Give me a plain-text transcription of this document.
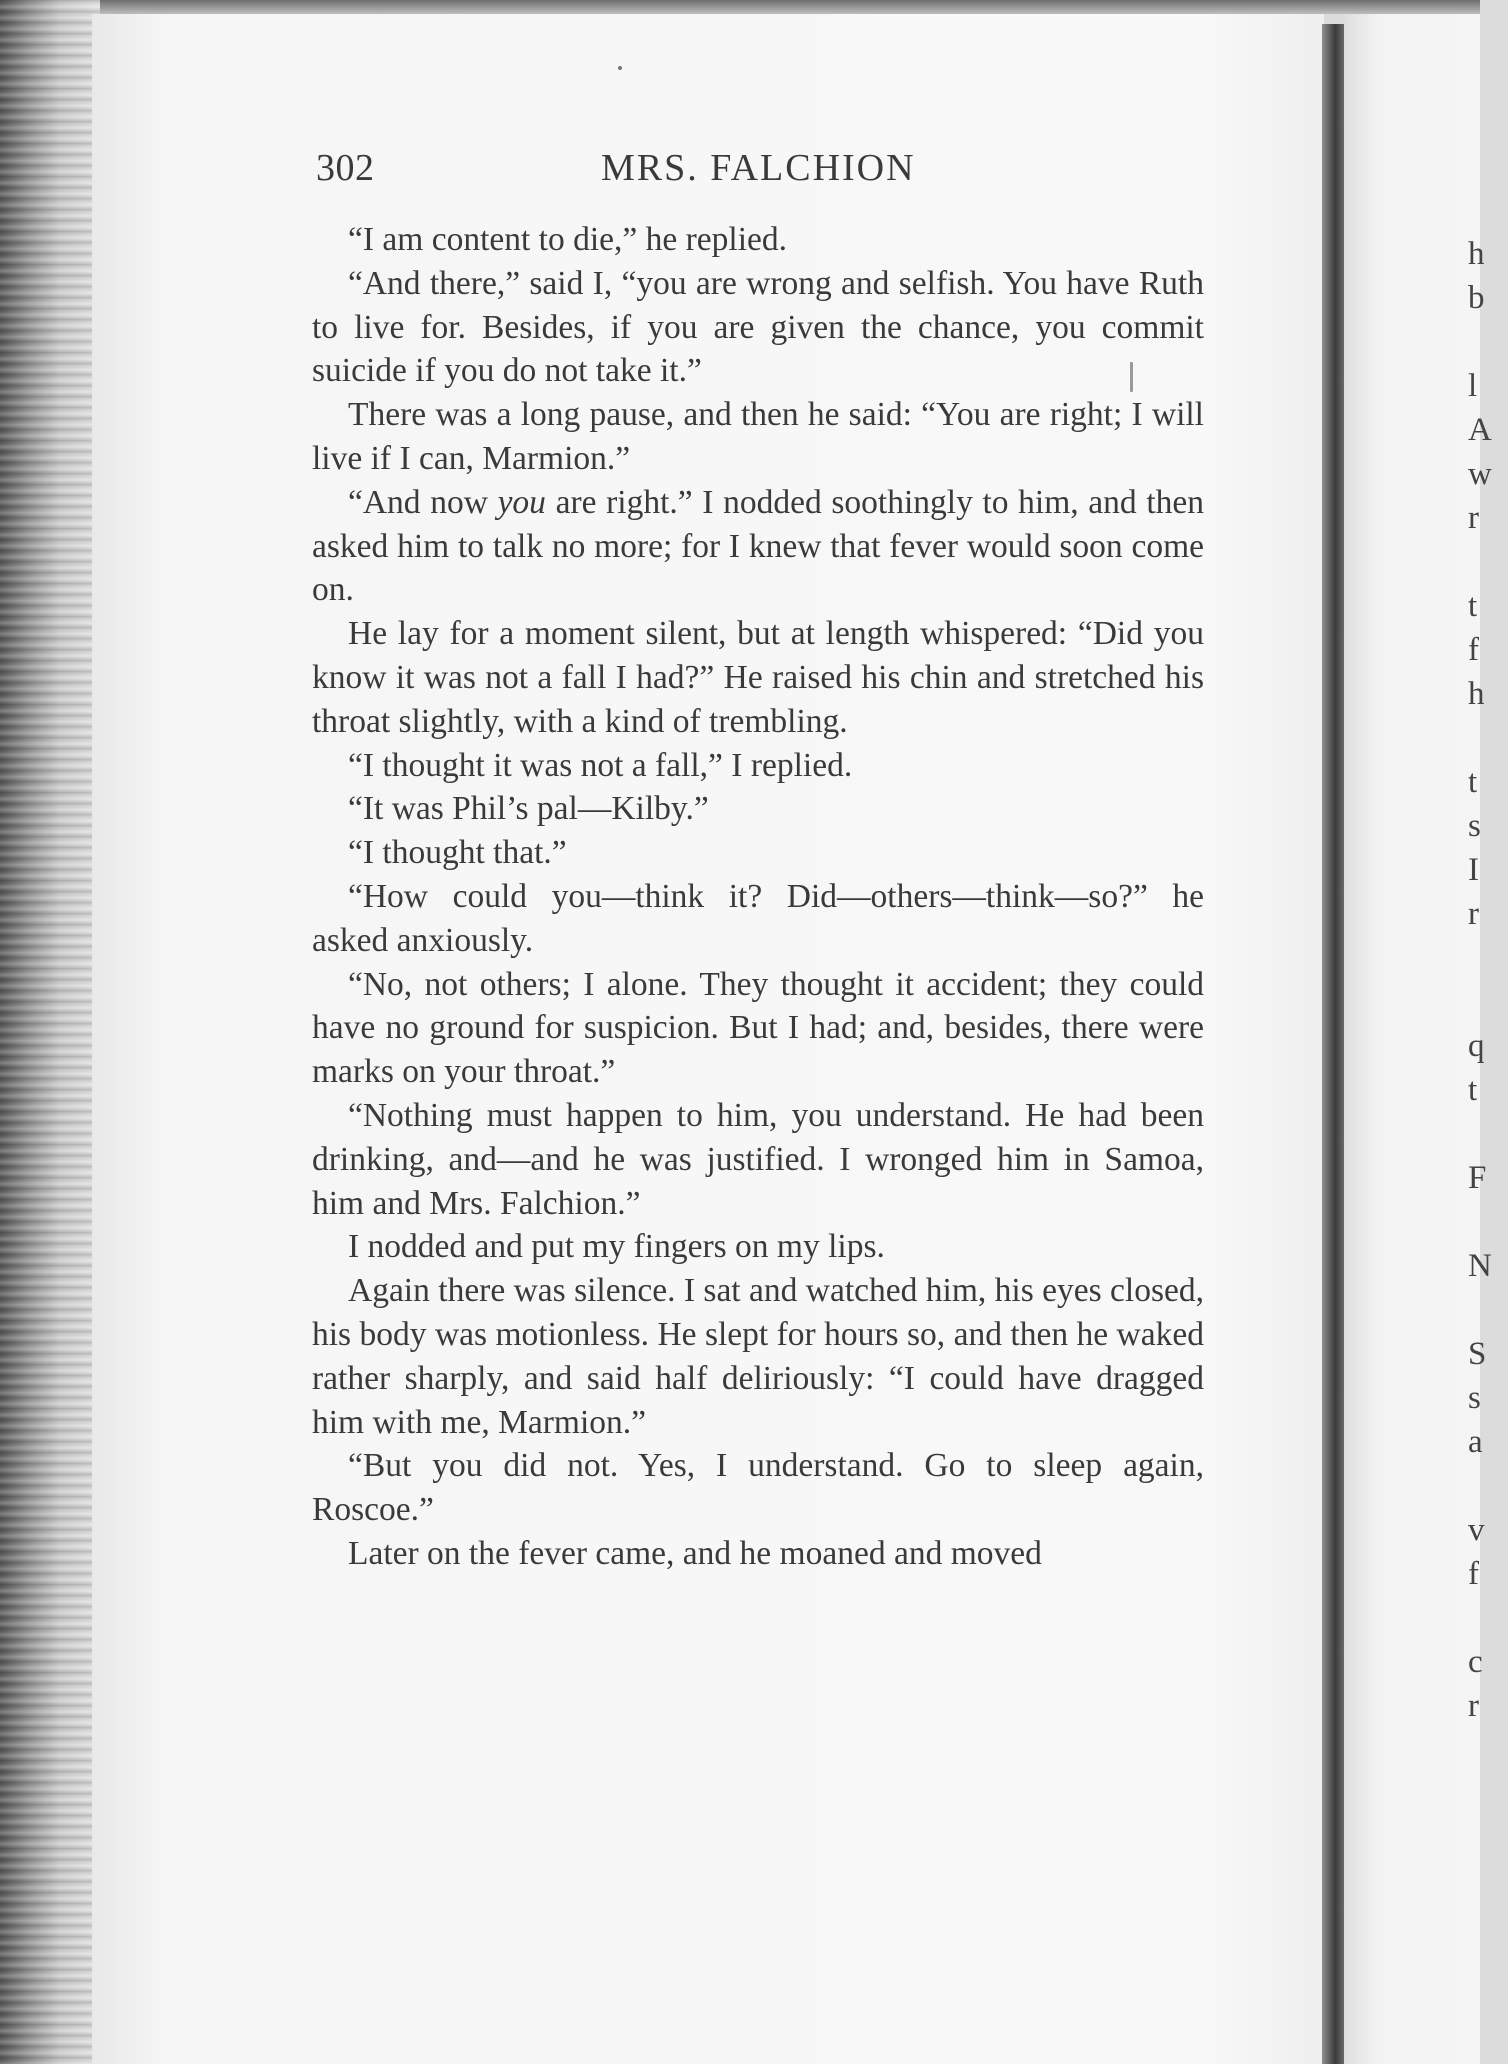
302	MRS. FALCHION

“I am content to die,” he replied.

“And there,” said I, “you are wrong and selfish. You have Ruth to live for. Besides, if you are given the chance, you commit suicide if you do not take it.”

There was a long pause, and then he said: “You are right; I will live if I can, Marmion.”

“And now you are right.” I nodded soothingly to him, and then asked him to talk no more; for I knew that fever would soon come on.

He lay for a moment silent, but at length whispered: “Did you know it was not a fall I had?” He raised his chin and stretched his throat slightly, with a kind of trembling.

“I thought it was not a fall,” I replied.

“It was Phil’s pal—Kilby.”

“I thought that.”

“How could you—think it? Did—others—think—so?” he asked anxiously.

“No, not others; I alone. They thought it accident; they could have no ground for suspicion. But I had; and, besides, there were marks on your throat.”

“Nothing must happen to him, you understand. He had been drinking, and—and he was justified. I wronged him in Samoa, him and Mrs. Falchion.”

I nodded and put my fingers on my lips.

Again there was silence. I sat and watched him, his eyes closed, his body was motionless. He slept for hours so, and then he waked rather sharply, and said half deliriously: “I could have dragged him with me, Marmion.”

“But you did not. Yes, I understand. Go to sleep again, Roscoe.”

Later on the fever came, and he moaned and moved

h
b
l
A
w
r
t
f
h
t
s
I
r
q
t
F
N
S
s
a
v
f
c
r
